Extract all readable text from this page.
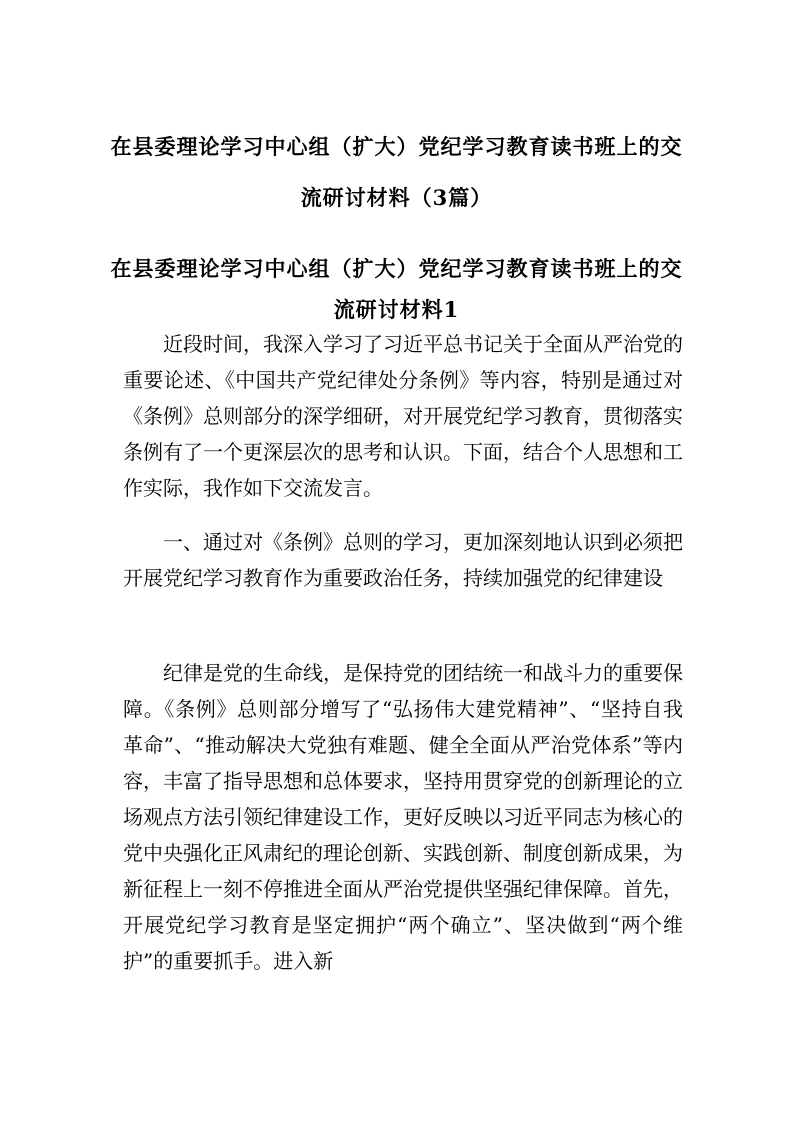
在县委理论学习中心组（扩大）党纪学习教育读书班上的交
流研讨材料（3篇）
在县委理论学习中心组（扩大）党纪学习教育读书班上的交
流研讨材料1

近段时间，我深入学习了习近平总书记关于全面从严治党的重要论述、《中国共产党纪律处分条例》等内容，特别是通过对《条例》总则部分的深学细研，对开展党纪学习教育，贯彻落实条例有了一个更深层次的思考和认识。下面，结合个人思想和工作实际，我作如下交流发言。

一、通过对《条例》总则的学习，更加深刻地认识到必须把开展党纪学习教育作为重要政治任务，持续加强党的纪律建设

纪律是党的生命线，是保持党的团结统一和战斗力的重要保障。《条例》总则部分增写了“弘扬伟大建党精神”、“坚持自我革命”、“推动解决大党独有难题、健全全面从严治党体系”等内容，丰富了指导思想和总体要求，坚持用贯穿党的创新理论的立场观点方法引领纪律建设工作，更好反映以习近平同志为核心的党中央强化正风肃纪的理论创新、实践创新、制度创新成果，为新征程上一刻不停推进全面从严治党提供坚强纪律保障。首先，开展党纪学习教育是坚定拥护“两个确立”、坚决做到“两个维护”的重要抓手。进入新
